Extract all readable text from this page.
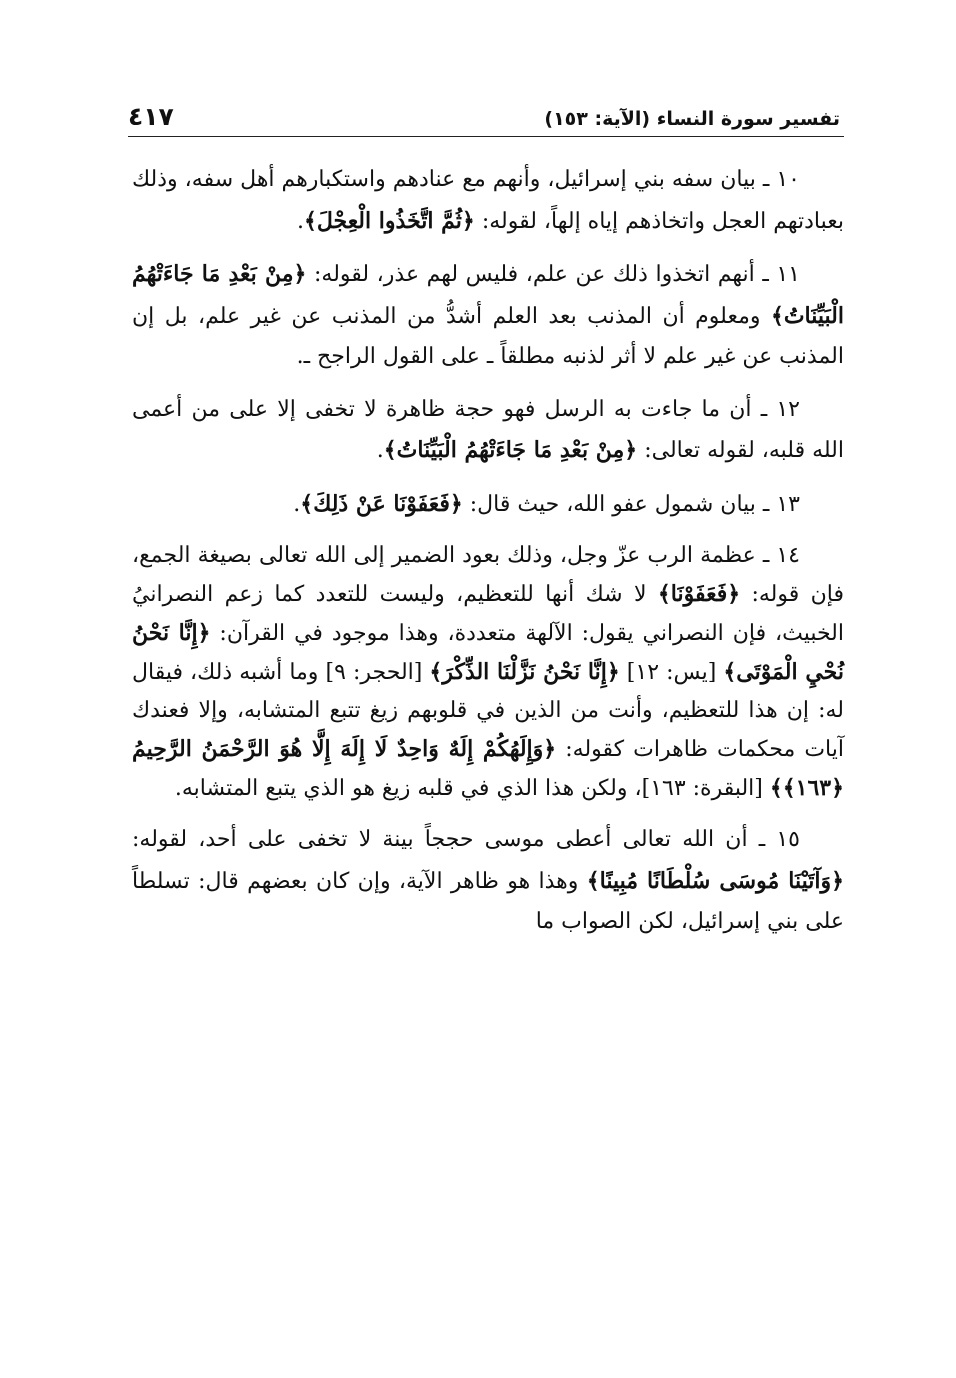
تفسير سورة النساء (الآية: ١٥٣)
٤١٧

١٠ ـ بيان سفه بني إسرائيل، وأنهم مع عنادهم واستكبارهم أهل سفه، وذلك بعبادتهم العجل واتخاذهم إياه إلهاً، لقوله: ﴿ثُمَّ اتَّخَذُوا الْعِجْلَ﴾.

١١ ـ أنهم اتخذوا ذلك عن علم، فليس لهم عذر، لقوله: ﴿مِنْ بَعْدِ مَا جَاءَتْهُمُ الْبَيِّنَاتُ﴾ ومعلوم أن المذنب بعد العلم أشدُّ من المذنب عن غير علم، بل إن المذنب عن غير علم لا أثر لذنبه مطلقاً ـ على القول الراجح ـ.

١٢ ـ أن ما جاءت به الرسل فهو حجة ظاهرة لا تخفى إلا على من أعمى الله قلبه، لقوله تعالى: ﴿مِنْ بَعْدِ مَا جَاءَتْهُمُ الْبَيِّنَاتُ﴾.

١٣ ـ بيان شمول عفو الله، حيث قال: ﴿فَعَفَوْنَا عَنْ ذَلِكَ﴾.

١٤ ـ عظمة الرب عزّ وجل، وذلك بعود الضمير إلى الله تعالى بصيغة الجمع، فإن قوله: ﴿فَعَفَوْنَا﴾ لا شك أنها للتعظيم، وليست للتعدد كما زعم النصرانيُ الخبيث، فإن النصراني يقول: الآلهة متعددة، وهذا موجود في القرآن: ﴿إِنَّا نَحْنُ نُحْيِ الْمَوْتَى﴾ [يس: ١٢] ﴿إِنَّا نَحْنُ نَزَّلْنَا الذِّكْرَ﴾ [الحجر: ٩] وما أشبه ذلك، فيقال له: إن هذا للتعظيم، وأنت من الذين في قلوبهم زيغ تتبع المتشابه، وإلا فعندك آيات محكمات ظاهرات كقوله: ﴿وَإِلَهُكُمْ إِلَهٌ وَاحِدٌ لَا إِلَهَ إِلَّا هُوَ الرَّحْمَنُ الرَّحِيمُ ﴿١٦٣﴾﴾ [البقرة: ١٦٣]، ولكن هذا الذي في قلبه زيغ هو الذي يتبع المتشابه.

١٥ ـ أن الله تعالى أعطى موسى حججاً بينة لا تخفى على أحد، لقوله: ﴿وَآتَيْنَا مُوسَى سُلْطَانًا مُبِينًا﴾ وهذا هو ظاهر الآية، وإن كان بعضهم قال: تسلطاً على بني إسرائيل، لكن الصواب ما
